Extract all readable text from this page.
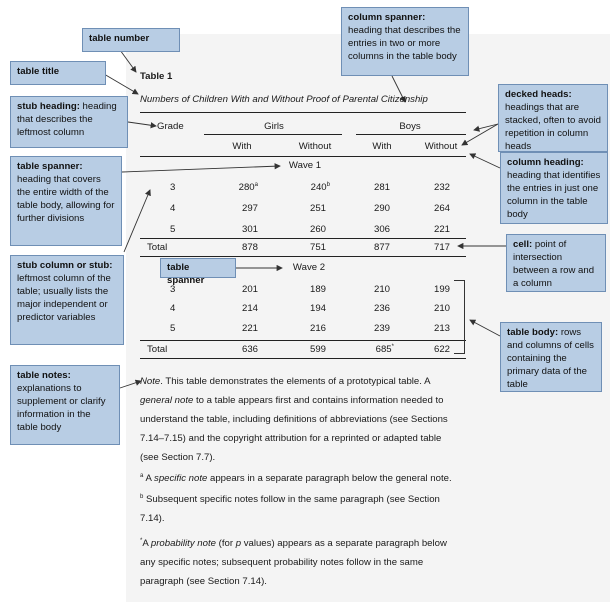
Table 1
Numbers of Children With and Without Proof of Parental Citizenship
Grade	Girls	Boys
With	Without	With	Without
Wave 1
3	280$^a$	240$^b$	281	232
4	297	251	290	264
5	301	260	306	221
Total	878	751	877	717
Wave 2
3	201	189	210	199
4	214	194	236	210
5	221	216	239	213
Total	636	599	685*	622
Note. This table demonstrates the elements of a prototypical table. A
general note to a table appears first and contains information needed to
understand the table, including definitions of abbreviations (see Sections
7.14–7.15) and the copyright attribution for a reprinted or adapted table
(see Section 7.7).
$^a$ A specific note appears in a separate paragraph below the general note.
$^b$ Subsequent specific notes follow in the same paragraph (see Section
7.14).
*A probability note (for p values) appears as a separate paragraph below
any specific notes; subsequent probability notes follow in the same
paragraph (see Section 7.14).
table number
table title
stub heading: heading that describes the leftmost column
table spanner:
heading that covers the entire width of the table body, allowing for further divisions
stub column or stub:
leftmost column of the table; usually lists the major independent or predictor variables
table notes:
explanations to supplement or clarify information in the table body
column spanner:
heading that describes the entries in two or more columns in the table body
decked heads:
headings that are stacked, often to avoid repetition in column heads
column heading:
heading that identifies the entries in just one column in the table body
cell: point of intersection between a row and a column
table body: rows and columns of cells containing the primary data of the table
table spanner
